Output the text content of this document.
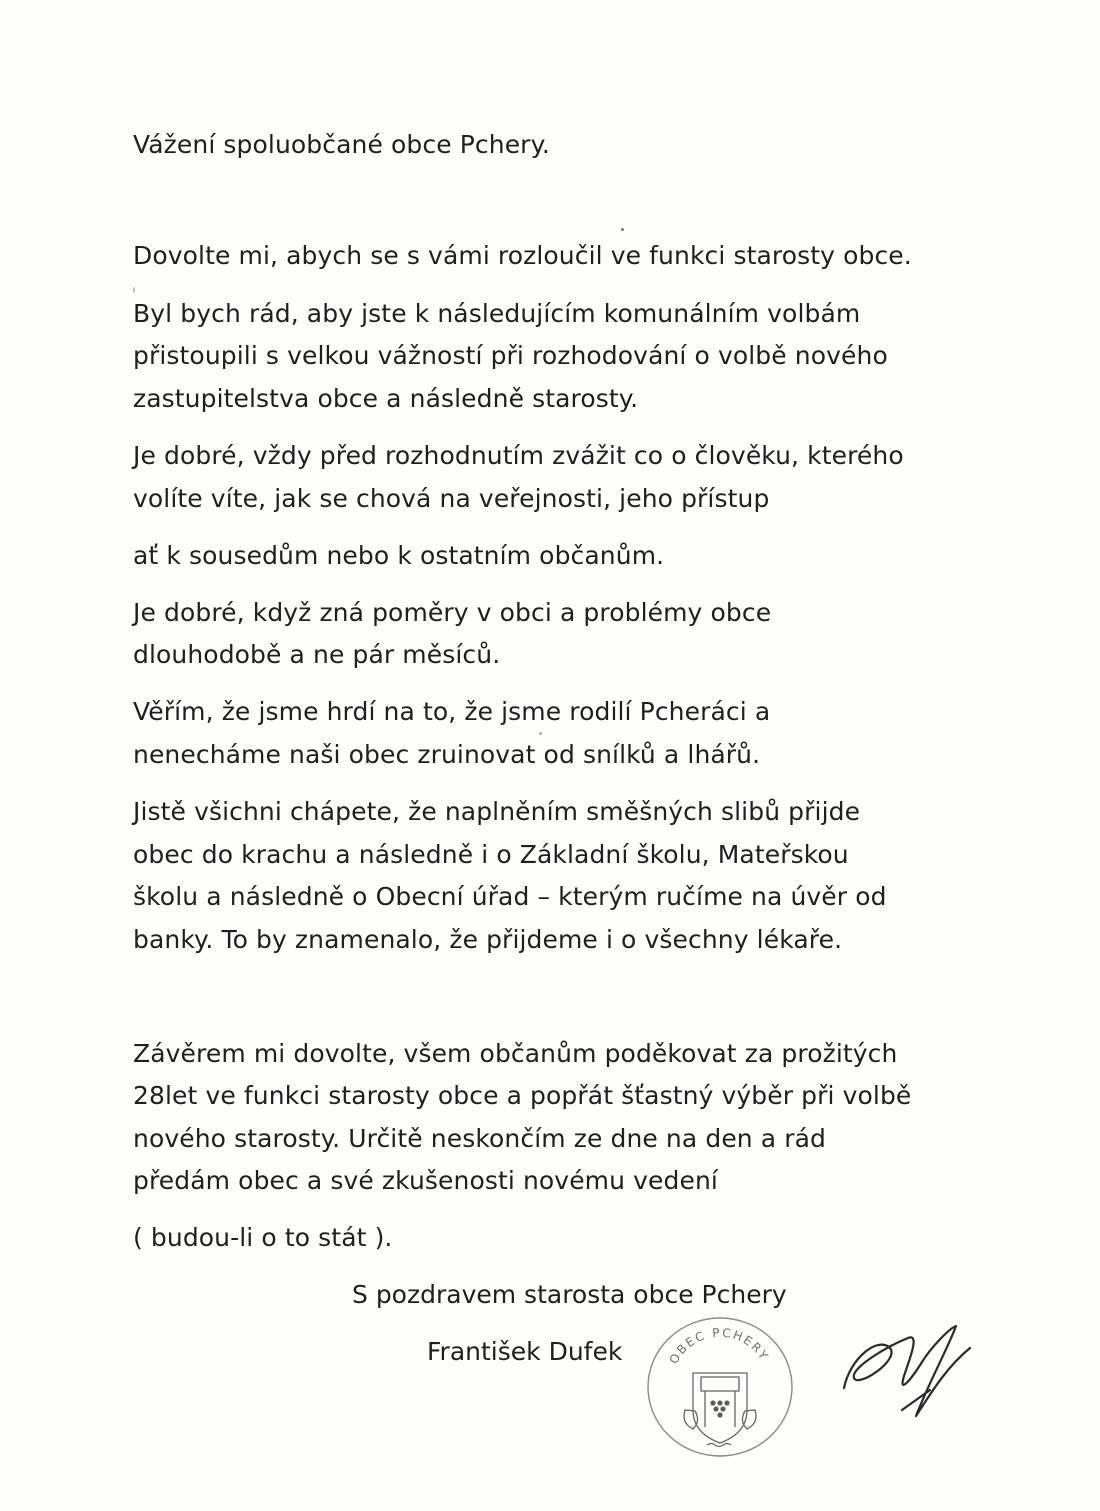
Vážení spoluobčané obce Pchery.
Dovolte mi, abych se s vámi rozloučil ve funkci starosty obce.
Byl bych rád, aby jste k následujícím komunálním volbám
přistoupili s velkou vážností při rozhodování o volbě nového
zastupitelstva obce a následně starosty.
Je dobré, vždy před rozhodnutím zvážit co o člověku, kterého
volíte víte, jak se chová na veřejnosti, jeho přístup
ať k sousedům nebo k ostatním občanům.
Je dobré, když zná poměry v obci a problémy obce
dlouhodobě a ne pár měsíců.
Věřím, že jsme hrdí na to, že jsme rodilí Pcheráci a
nenecháme naši obec zruinovat od snílků a lhářů.
Jistě všichni chápete, že naplněním směšných slibů přijde
obec do krachu a následně i o Základní školu, Mateřskou
školu a následně o Obecní úřad – kterým ručíme na úvěr od
banky. To by znamenalo, že přijdeme i o všechny lékaře.
Závěrem mi dovolte, všem občanům poděkovat za prožitých
28let ve funkci starosty obce a popřát šťastný výběr při volbě
nového starosty. Určitě neskončím ze dne na den a rád
předám obec a své zkušenosti novému vedení
( budou-li o to stát ).
S pozdravem starosta obce Pchery
František Dufek	OBEC PCHERY
